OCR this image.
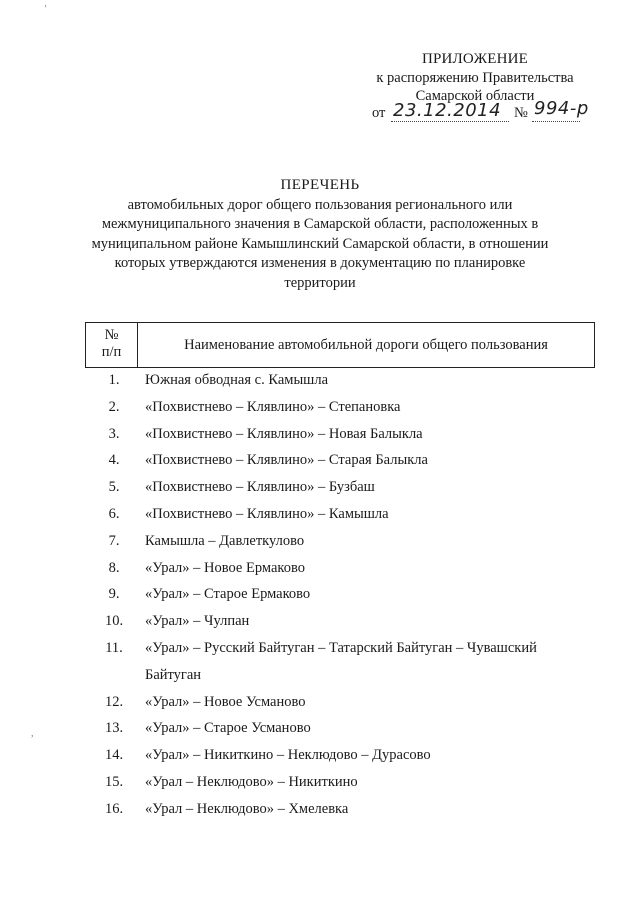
'
,
ПРИЛОЖЕНИЕ
к распоряжению Правительства
Самарской области
от 23.12.2014 № 994-р
ПЕРЕЧЕНЬ
автомобильных дорог общего пользования регионального или
межмуниципального значения в Самарской области, расположенных в
муниципальном районе Камышлинский Самарской области, в отношении
которых утверждаются изменения в документацию по планировке
территории
№
п/п	Наименование автомобильной дороги общего пользования
1.	Южная обводная с. Камышла
2.	«Похвистнево – Клявлино» – Степановка
3.	«Похвистнево – Клявлино» – Новая Балыкла
4.	«Похвистнево – Клявлино» – Старая Балыкла
5.	«Похвистнево – Клявлино» – Бузбаш
6.	«Похвистнево – Клявлино» – Камышла
7.	Камышла – Давлеткулово
8.	«Урал» – Новое Ермаково
9.	«Урал» – Старое Ермаково
10.	«Урал» – Чулпан
11.	«Урал» – Русский Байтуган – Татарский Байтуган – Чувашский Байтуган
12.	«Урал» – Новое Усманово
13.	«Урал» – Старое Усманово
14.	«Урал» – Никиткино – Неклюдово – Дурасово
15.	«Урал – Неклюдово» – Никиткино
16.	«Урал – Неклюдово» – Хмелевка
